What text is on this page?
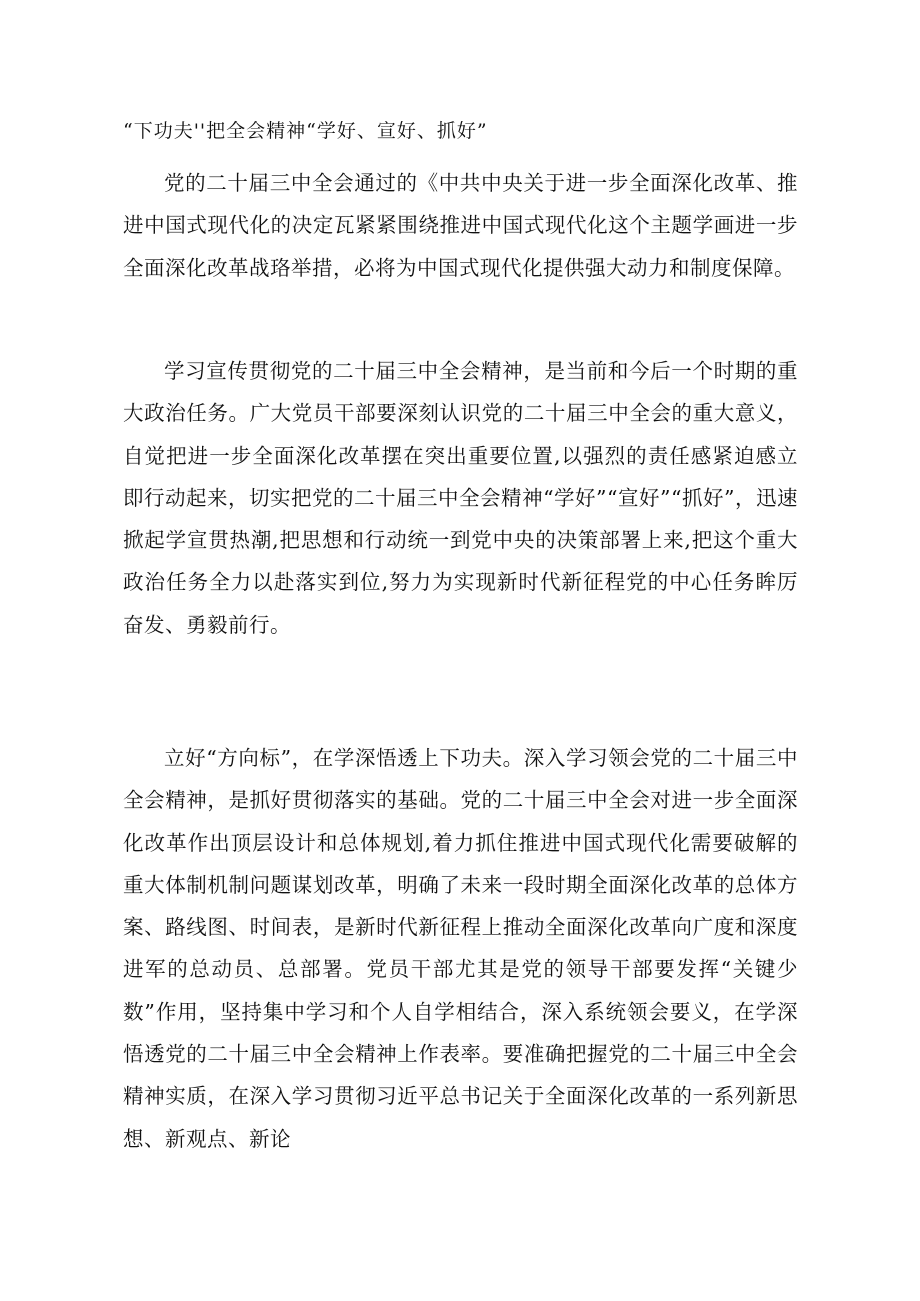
“下功夫''把全会精神“学好、宣好、抓好”

党的二十届三中全会通过的《中共中央关于进一步全面深化改革、推进中国式现代化的决定瓦紧紧围绕推进中国式现代化这个主题学画进一步全面深化改革战珞举措，必将为中国式现代化提供强大动力和制度保障。

学习宣传贯彻党的二十届三中全会精神，是当前和今后一个时期的重大政治任务。广大党员干部要深刻认识党的二十届三中全会的重大意义，自觉把进一步全面深化改革摆在突出重要位置,以强烈的责任感紧迫感立即行动起来，切实把党的二十届三中全会精神“学好”“宣好”“抓好”，迅速掀起学宣贯热潮,把思想和行动统一到党中央的决策部署上来,把这个重大政治任务全力以赴落实到位,努力为实现新时代新征程党的中心任务眸厉奋发、勇毅前行。

立好“方向标”，在学深悟透上下功夫。深入学习领会党的二十届三中全会精神，是抓好贯彻落实的基础。党的二十届三中全会对进一步全面深化改革作出顶层设计和总体规划,着力抓住推进中国式现代化需要破解的重大体制机制问题谋划改革，明确了未来一段时期全面深化改革的总体方案、路线图、时间表，是新时代新征程上推动全面深化改革向广度和深度进军的总动员、总部署。党员干部尤其是党的领导干部要发挥“关键少数”作用，坚持集中学习和个人自学相结合，深入系统领会要义，在学深悟透党的二十届三中全会精神上作表率。要准确把握党的二十届三中全会精神实质，在深入学习贯彻习近平总书记关于全面深化改革的一系列新思想、新观点、新论
